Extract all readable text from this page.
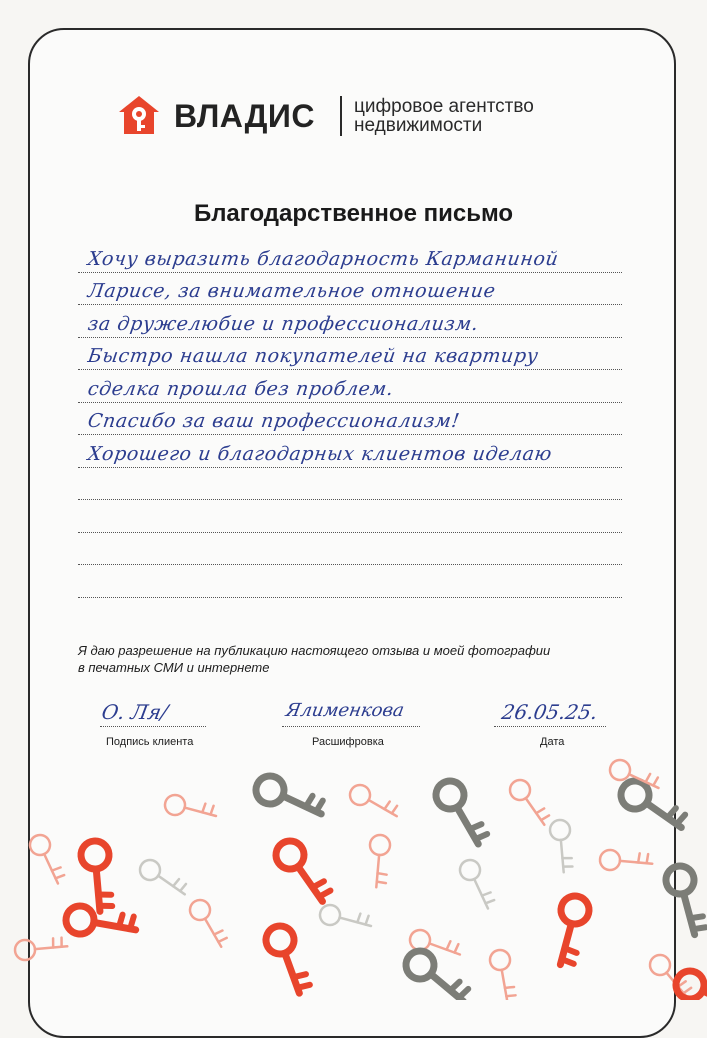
ВЛАДИС цифровое агентство
недвижимости
Благодарственное письмо
Хочу выразить благодарность Карманиной
Ларисе, за внимательное отношение
за дружелюбие и профессионализм.
Быстро нашла покупателей на квартиру
сделка прошла без проблем.
Спасибо за ваш профессионализм!
Хорошего и благодарных клиентов иделаю
Я даю разрешение на публикацию настоящего отзыва и моей фотографии
в печатных СМИ и интернете
О. Ля/
Подпись клиента
Ялименкова
Расшифровка
26.05.25.
Дата
